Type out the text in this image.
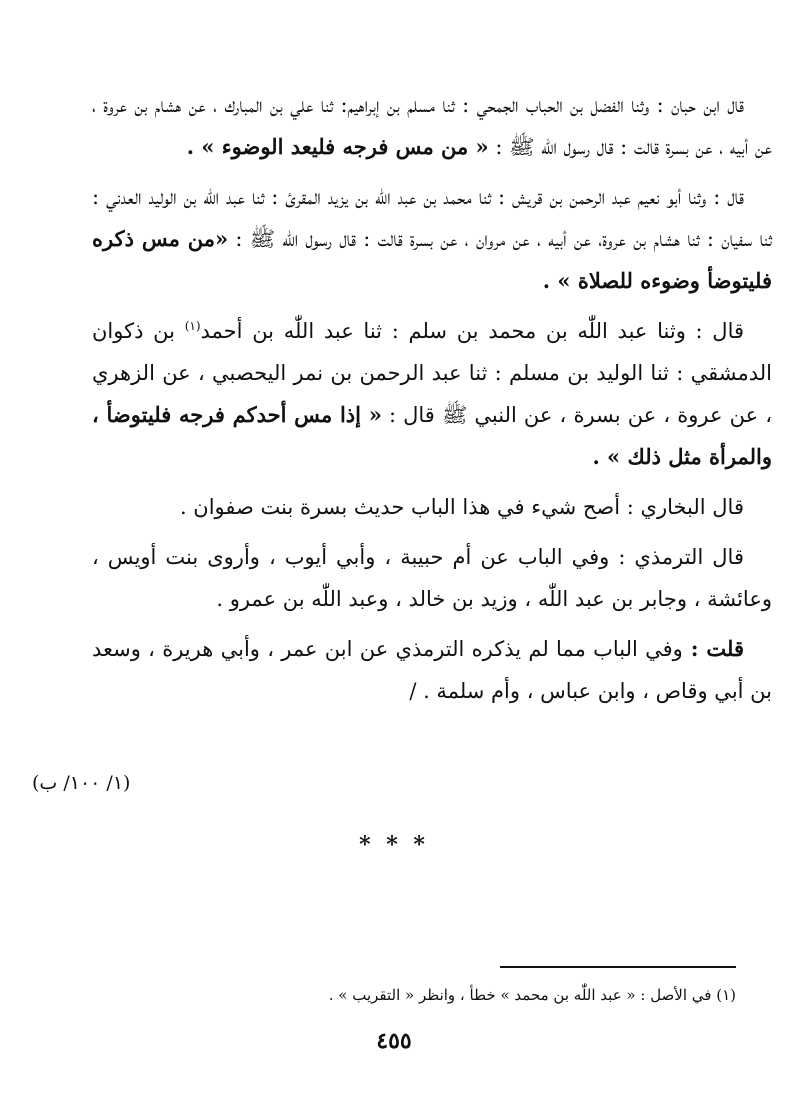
قال ابن حبان : وثنا الفضل بن الحباب الجمحي : ثنا مسلم بن إبراهيم: ثنا علي بن المبارك ، عن هشام بن عروة ، عن أبيه ، عن بسرة قالت : قال رسول اللّٰه ﷺ : « من مس فرجه فليعد الوضوء » .

قال : وثنا أبو نعيم عبد الرحمن بن قريش : ثنا محمد بن عبد اللّٰه بن يزيد المقرئ : ثنا عبد اللّٰه بن الوليد العدني : ثنا سفيان : ثنا هشام بن عروة، عن أبيه ، عن مروان ، عن بسرة قالت : قال رسول اللّٰه ﷺ : «من مس ذكره فليتوضأ وضوءه للصلاة » .

قال : وثنا عبد اللّٰه بن محمد بن سلم : ثنا عبد اللّٰه بن أحمد$^{(١)}$ بن ذكوان الدمشقي : ثنا الوليد بن مسلم : ثنا عبد الرحمن بن نمر اليحصبي ، عن الزهري ، عن عروة ، عن بسرة ، عن النبي ﷺ قال : « إذا مس أحدكم فرجه فليتوضأ ، والمرأة مثل ذلك » .

قال البخاري : أصح شيء في هذا الباب حديث بسرة بنت صفوان .

قال الترمذي : وفي الباب عن أم حبيبة ، وأبي أيوب ، وأروى بنت أويس ، وعائشة ، وجابر بن عبد اللّٰه ، وزيد بن خالد ، وعبد اللّٰه بن عمرو .

قلت : وفي الباب مما لم يذكره الترمذي عن ابن عمر ، وأبي هريرة ، وسعد بن أبي وقاص ، وابن عباس ، وأم سلمة . /

(١/ ١٠٠/ ب)
* * *
(١) في الأصل : « عبد اللّٰه بن محمد » خطأ ، وانظر « التقريب » .
٤٥٥
